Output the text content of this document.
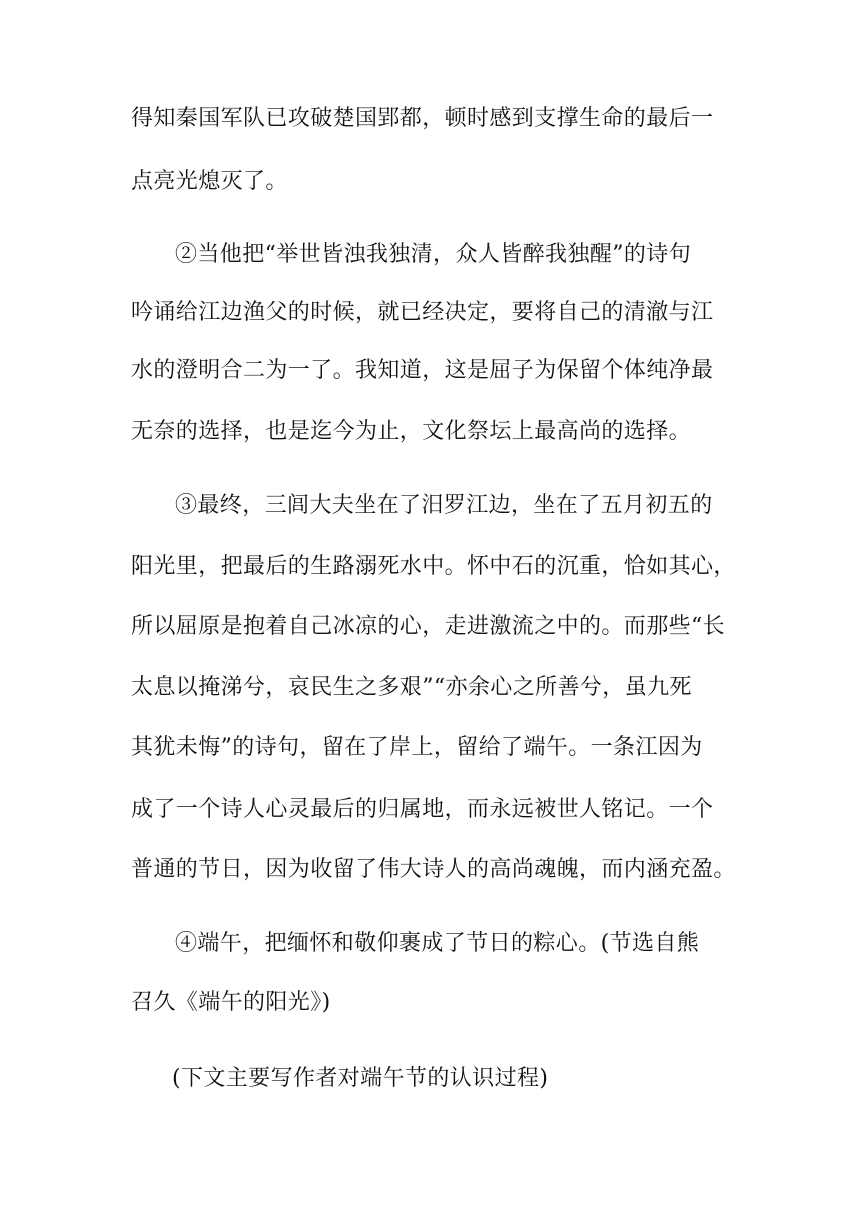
得知秦国军队已攻破楚国郢都，顿时感到支撑生命的最后一
点亮光熄灭了。
②当他把“举世皆浊我独清，众人皆醉我独醒”的诗句
吟诵给江边渔父的时候，就已经决定，要将自己的清澈与江
水的澄明合二为一了。我知道，这是屈子为保留个体纯净最
无奈的选择，也是迄今为止，文化祭坛上最高尚的选择。
③最终，三闾大夫坐在了汨罗江边，坐在了五月初五的
阳光里，把最后的生路溺死水中。怀中石的沉重，恰如其心，
所以屈原是抱着自己冰凉的心，走进激流之中的。而那些“长
太息以掩涕兮，哀民生之多艰”“亦余心之所善兮，虽九死
其犹未悔”的诗句，留在了岸上，留给了端午。一条江因为
成了一个诗人心灵最后的归属地，而永远被世人铭记。一个
普通的节日，因为收留了伟大诗人的高尚魂魄，而内涵充盈。
④端午，把缅怀和敬仰裹成了节日的粽心。(节选自熊
召久《端午的阳光》)
(下文主要写作者对端午节的认识过程)
